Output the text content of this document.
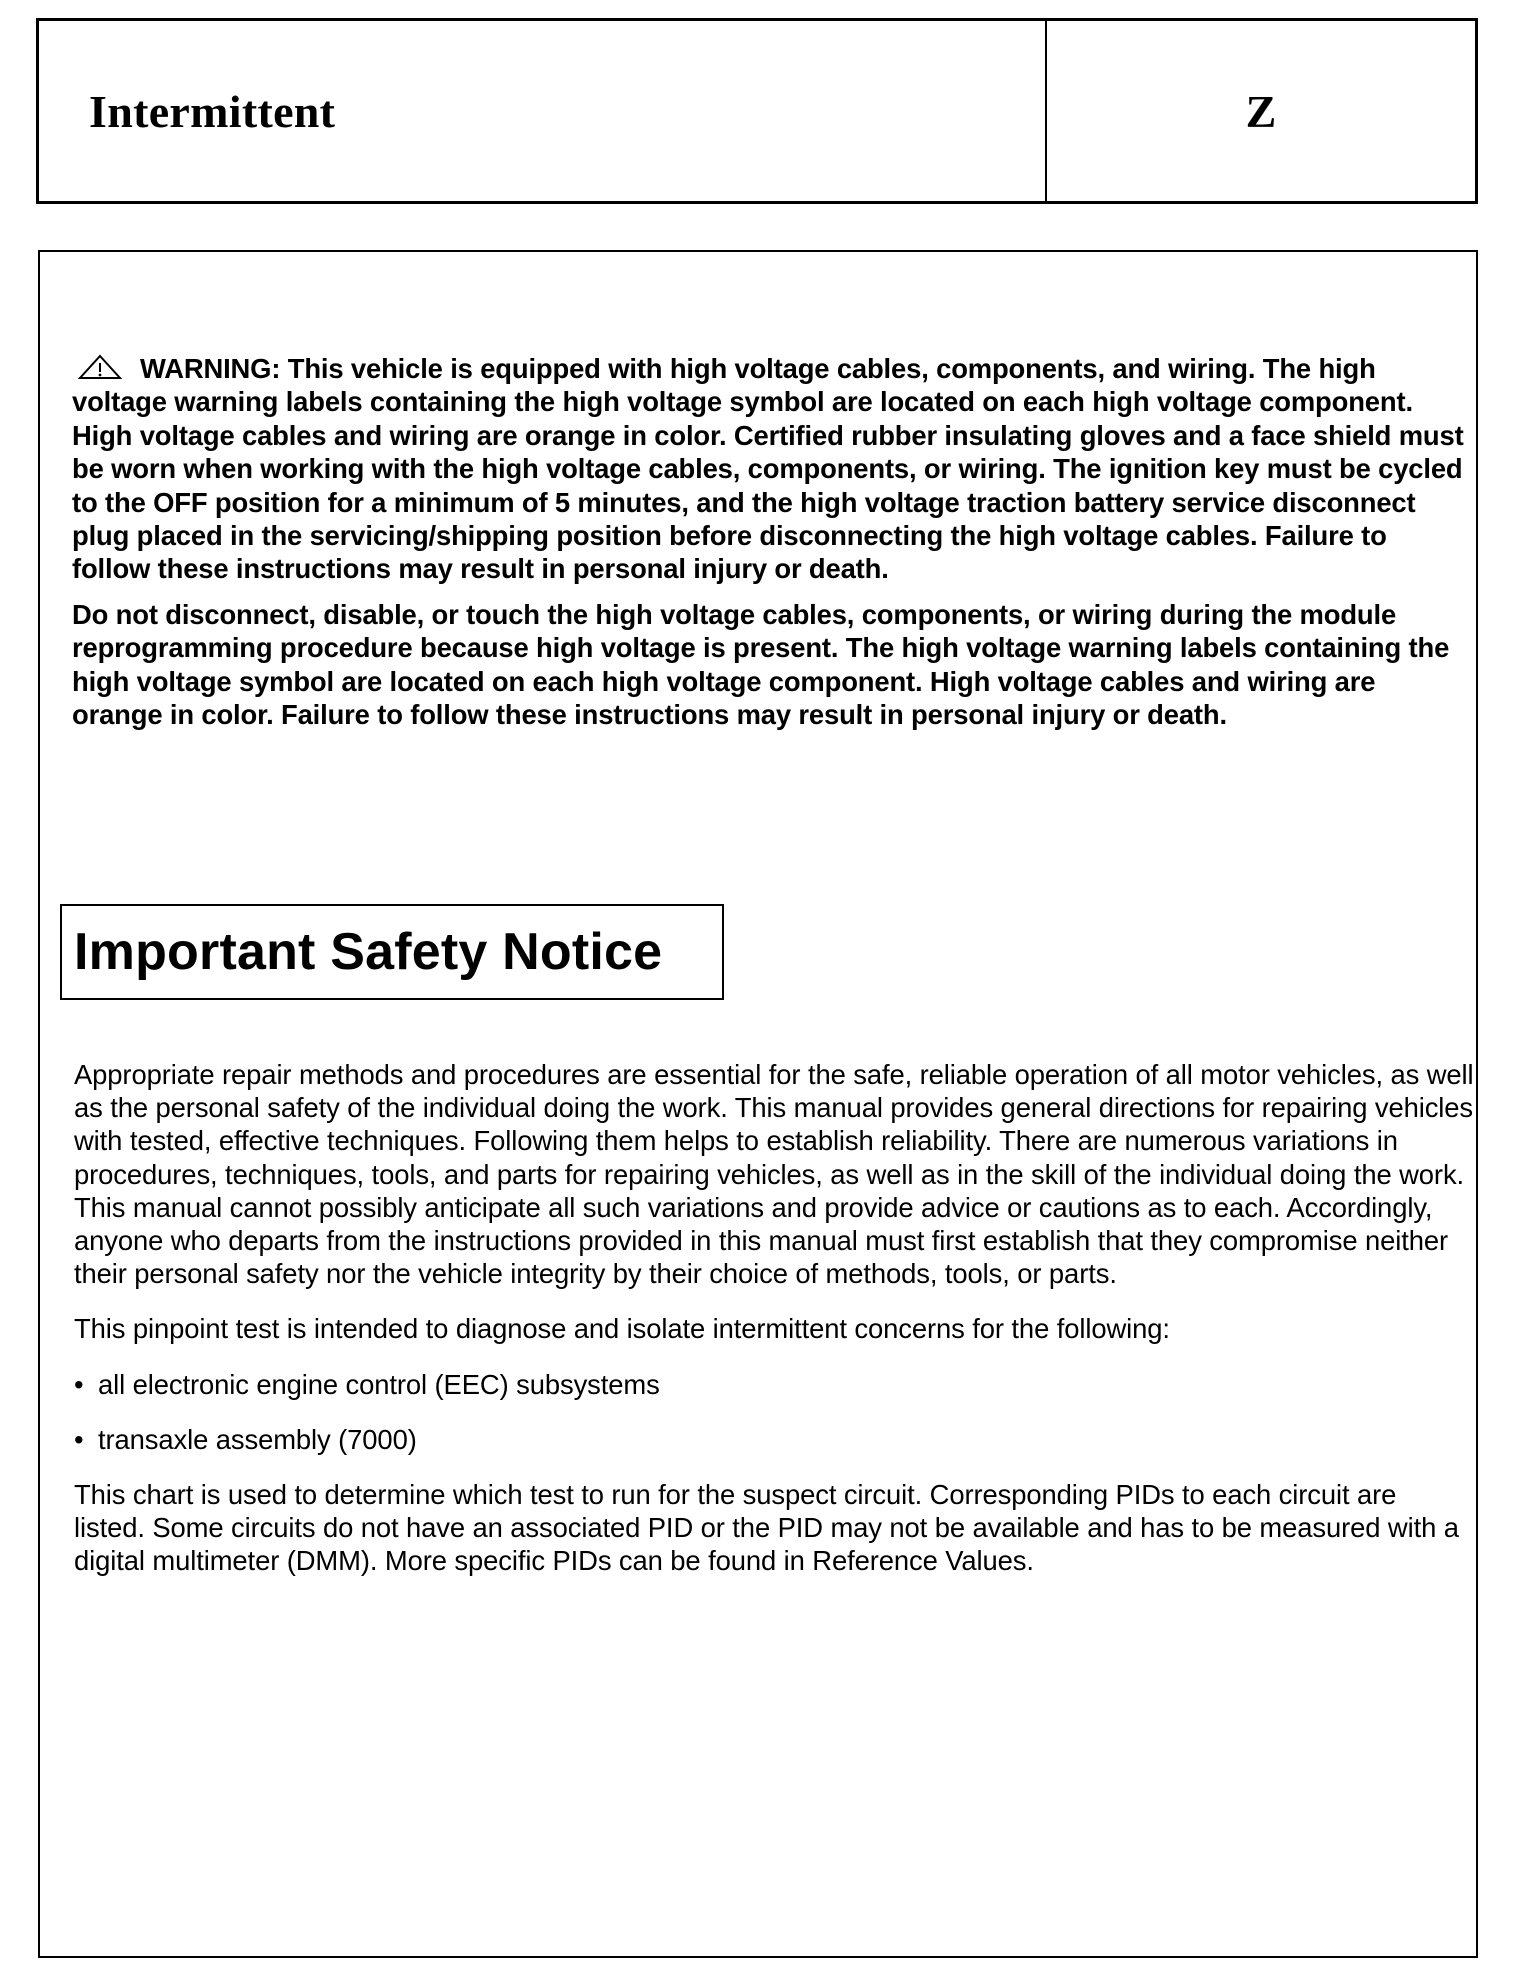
Intermittent	Z

WARNING: This vehicle is equipped with high voltage cables, components, and wiring. The high voltage warning labels containing the high voltage symbol are located on each high voltage component. High voltage cables and wiring are orange in color. Certified rubber insulating gloves and a face shield must be worn when working with the high voltage cables, components, or wiring. The ignition key must be cycled to the OFF position for a minimum of 5 minutes, and the high voltage traction battery service disconnect plug placed in the servicing/shipping position before disconnecting the high voltage cables. Failure to follow these instructions may result in personal injury or death.

Do not disconnect, disable, or touch the high voltage cables, components, or wiring during the module reprogramming procedure because high voltage is present. The high voltage warning labels containing the high voltage symbol are located on each high voltage component. High voltage cables and wiring are orange in color. Failure to follow these instructions may result in personal injury or death.

Important Safety Notice

Appropriate repair methods and procedures are essential for the safe, reliable operation of all motor vehicles, as well as the personal safety of the individual doing the work. This manual provides general directions for repairing vehicles with tested, effective techniques. Following them helps to establish reliability. There are numerous variations in procedures, techniques, tools, and parts for repairing vehicles, as well as in the skill of the individual doing the work. This manual cannot possibly anticipate all such variations and provide advice or cautions as to each. Accordingly, anyone who departs from the instructions provided in this manual must first establish that they compromise neither their personal safety nor the vehicle integrity by their choice of methods, tools, or parts.

This pinpoint test is intended to diagnose and isolate intermittent concerns for the following:

• all electronic engine control (EEC) subsystems
• transaxle assembly (7000)

This chart is used to determine which test to run for the suspect circuit. Corresponding PIDs to each circuit are listed. Some circuits do not have an associated PID or the PID may not be available and has to be measured with a digital multimeter (DMM). More specific PIDs can be found in Reference Values.
